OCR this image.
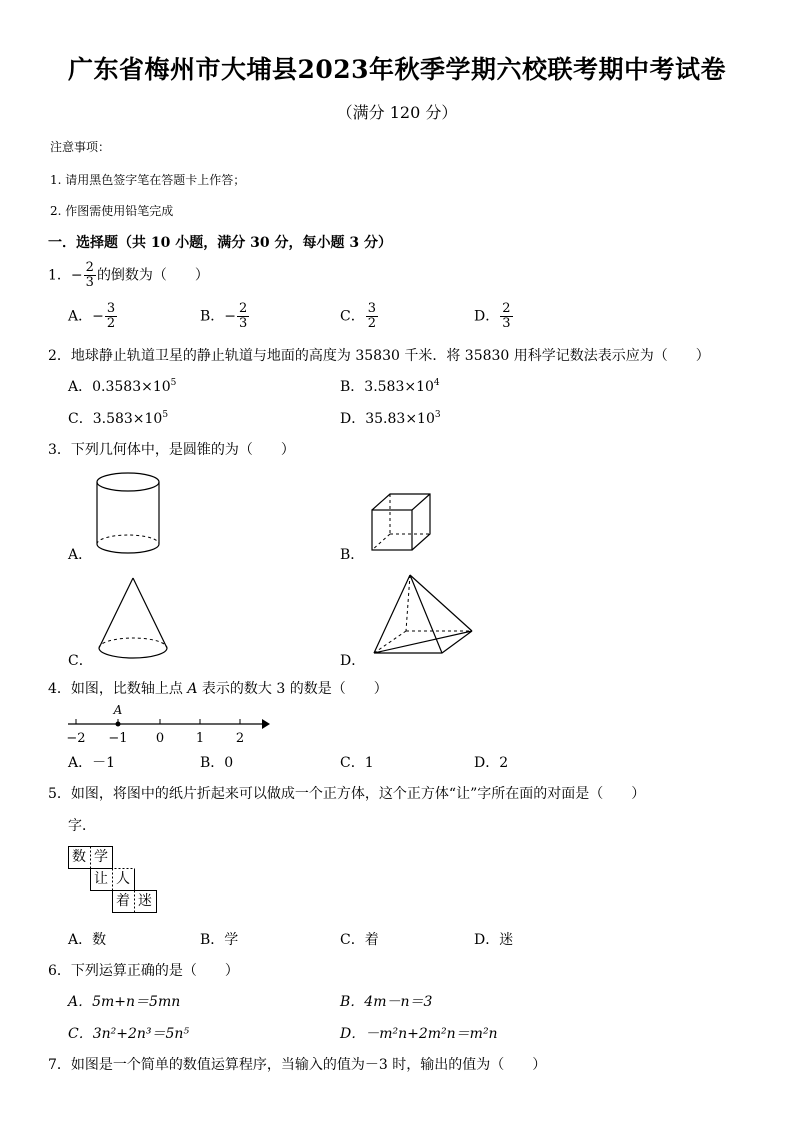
广东省梅州市大埔县2023年秋季学期六校联考期中考试卷
（满分 120 分）
注意事项：
1. 请用黑色签字笔在答题卡上作答；
2. 作图需使用铅笔完成
一．选择题（共 10 小题，满分 30 分，每小题 3 分）
1．− $\frac{2}{3}$ 的倒数为（　　）
A．− $\frac{3}{2}$	B．− $\frac{2}{3}$	C． $\frac{3}{2}$	D． $\frac{2}{3}$
2．地球静止轨道卫星的静止轨道与地面的高度为 35830 千米．将 35830 用科学记数法表示应为（　　）
A．$0.3583\times 10^5$	B．$3.583\times 10^4$
C．$3.583\times 10^5$	D．$35.83\times 10^3$
3．下列几何体中，是圆锥的为（　　）
A．	B．
C．	D．
4．如图，比数轴上点 A 表示的数大 3 的数是（　　）
A
−2 −1 0 1 2
A．－1	B．0	C．1	D．2
5．如图，将图中的纸片折起来可以做成一个正方体，这个正方体“让”字所在面的对面是（　　）
字．
数 学
让 人
着 迷
A．数	B．学	C．着	D．迷
6．下列运算正确的是（　　）
A．5m+n＝5mn	B．4m－n＝3
C．3n²+2n³＝5n⁵	D．－m²n+2m²n＝m²n
7．如图是一个简单的数值运算程序，当输入的值为－3 时，输出的值为（　　）
